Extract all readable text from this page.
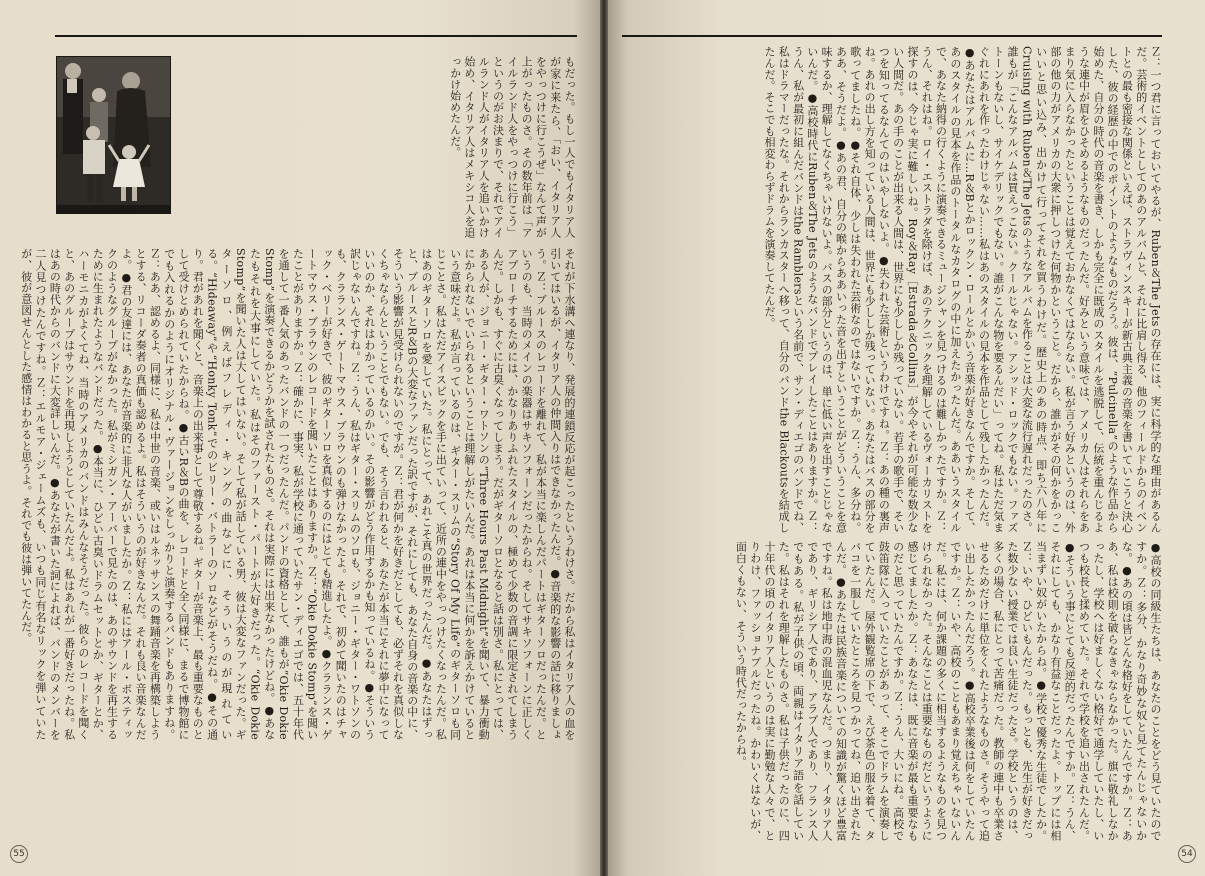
Ｚ：一つ君に言っておいてやるが、Ruben＆The Jetsの存在には、実に科学的な理由があるんだ。芸術的イベントとしてのあのアルバムと、それに比肩し得る、他のフィールドからのイベントとの最も密接な関係といえば、ストラヴィンスキーが新古典主義の音楽を書いていこうと決心した、彼の経歴の中でのポイントのようなものだろう。彼は、“Pulcinella”のような作品から始めた、自分の時代の音楽を書き、しかも完全に既成のスタイルを逃脱して、伝統を重んじるような連中が眉をひそめるようなものだったんだ。好みという意味では、アメリカ人はそれらをあまり気に入らなかったということは覚えておかなくてはならない。私が言う好みというのは、外部の他の力がアメリカの大衆に押しつけた何物かということ。だから、誰かがその何かをかっこいいと思い込み、出かけて行ってそれを買うわけだ。歴史上のあの時点、即ち六八年にCruising with Ruben＆The Jetsのようなアルバムを作ることは大変な流行遅れだったのさ。誰もが「こんなアルバムは買えっこない。クールじゃない。アシッド・ロックでもない。ファズトーンもないし、サイケデリックでもない。誰がこんな物を要るんだい」ってね。私はただ気まぐれにあれを作ったわけじゃない……私はあのスタイルの見本を作品として残したかったんだ。●あなたはアルバムに…R＆Bとかロックン・ロールとかいう音楽が好きなんですか。そして、あのスタイルの見本を作品のトータルなカタログの中に加えたかったんだ。ああいうスタイルで、あなた納得の行くように演奏できるミュージシャンを見つけるのは難しかったですか。Ｚ：うん、それはね。ロイ・エストラダを除けば、あのテクニックを理解しているヴォーカリストを探すのは、今じゃ実に難しいね。Roy＆Ray［Estrada＆Collins］が今やそれが可能な数少ない人間だ。あの手のことが出来る人間は、世界にも少ししか残っていない。若手の歌手で、そいつを知ってるなんてのはいやしないよ。●失われた芸術というわけですね。Ｚ：あの種の裏声ね。あれの出し方を知っている人間は、世界にも少ししか残っていない。あなたはバスの部分を歌ってましたね。●それ自体、少しは失われた芸術なのではないですか。Ｚ：うん、多分ね。ああ、そうだよ。●あの君、自分の喉からああいった音を出すということがどういうことを意味するか、理解してなくちゃいけないよ。バスの部分というのは、単に低い声を出すことじゃないんだ。●高校時代にRuben＆The Jetsのようなバンドでプレイしたことはありますか。Ｚ：うん、私が最初に組んだバンドはthe Ramblersという名前で、サン・ディエゴのバンドでね、私はドラマーだったな。それからランカスターへ移って、自分のバンドthe Blackoutsを結成したんだ。そこでも相変わらずドラムを演奏してたんだ。
●高校の同級生たちは、あなたのことをどう見ていたのですか。Ｚ：多分、かなり奇妙な奴と見てたんじゃないかな。●あの頃は皆どんな格好をしていたんですか。Ｚ：ああ、私は校則を破らなきゃならなかった。旗に敬礼しなかったし、学校へは好ましくない格好で通学していたし、いつも校長と揉めていた。それで学校を追い出されたんだ。●そういう事にとても反逆的だったんですか。Ｚ：うん、それにしても、かなり有益なことだったよ。トップには相当まずい奴がいたからね。●学校で優秀な生徒でしたか。Ｚ：いや、ひどいもんだった。もっとも、先生が好きだった数少ない授業では良い生徒だったさ。学校というのは、多くの場合、私にとって苦痛だった。教師の連中も卒業させるためだけに単位をくれたようなものさ。そうやって追い出したかったんだろう。●高校卒業後は何をしていたんですか。Ｚ：いや、高校のこともあまり覚えちゃいないんだ。私には、何か課題の多くに相当するようなものを見つけられなかった。そんなことは重要なものだというように感じてましたか。Ｚ：あなたは、既に音楽が最も重要なものだと思っていたんですか。Ｚ：うん、大いにね。高校で鼓笛隊に入っていたことがあって、そこでドラムを演奏していたんだ。屋外観覧席の下で、えび茶色の服を着て、タバコを一服していたところを見つかってね、追い出されたんだ。●あなたは民族音楽についての知識が驚くほど豊富ですね。私は地中海の混血児なんだ。つまり、イタリア人であり、ギリシア人であり、アラブ人であり、フランス人でもある。私が子供の頃、両親はイタリア語を話していた。私はそれを理解したものさ。私は子供だったのに、四十年代の頃のイタリア人というのは実に勤勉な人々で、とりわけ、ファッショナブルだったね。かわいくはないが、面白くもない、そういう時代だったからね。
もだった。もし一人でもイタリア人が家に来たら、「おい、イタリア人をやっつけに行こうぜ」なんて声が上がったものさ。その数年前は「アイルランド人をやっつけに行こう」というのがお決まりで、それでアイルランド人がイタリア人を追いかけ始め、イタリア人はメキシコ人を追っかけ始めたんだ。
それが下水溝へ連なり、発展的連鎖反応が起こったというわけさ。だから私はイタリア人の血を引いてはいるが、イタリア人の仲間入りはできなかったんだ。●音楽的な影響の話に移りましょう。Ｚ：ブルースのレコードを離れて、私が本当に楽しんだパートはギターソロだったんだ。というのも、当時のメインの楽器はサキソフォーンだったからね。そしてサキソフォーンに正しくアプローチするためには、かなりありふれたスタイルの、極めて少数の音調に限定されてしまうんだ。しかも、すぐに古臭くなってしまう。だがギターソロとなると話は別さ。私にとっては、ある人が、ジョニー・ギター・ワトソンの“Three Hours Past Midnight”を聞いて、暴力衝動にかられないでいられるということは理解しがたいんだ。あれは本当に何かを訴えかけているという意味だよ。私が言っているのは、ギター・スリムの“Story Of My Life”のギターソロも同じことさ。私はただアイスピックを手に出ていって、近所の連中をやっつけたくなったんだ。私はあのギターソロを愛していた。私にとって、あれこそ真の世界だったんだ。●あなたはずっと、ブルースとR＆Bの大変なファンだった訳ですが、それにしても、あなた自身の音楽の中に、そういう影響が見受けられないのですが。Ｚ：君が何かを好きだとしても、必ずそれを真似しなくちゃならんということでもない。でも、そう言われると、あなたが本当にそれに夢中になっていいのか、それはわかっているのかい。その影響がどう作用するかも知っているね。●そういう訳じゃないんですね。Ｚ：うん、私はギター・スリムのソロも、ジョニー・ギター・ワトソンのも、クラランス・ゲートマウス・ブラウンのも弾けなかったよ。それで、初めて聞いたのはチャック・ベリーが好きで、彼のギターソロを真似するのにはとても精進したよ。●クラランス・ゲートマウス・ブラウンのレコードを聞いたことはありますか。Ｚ：“Okie Dokie Stomp”を聞いたことがありますか。Ｚ：確かに、事実、私が学校に通っていたサン・ディエゴでは、五十年代を通して一番人気のあったバンドの一つだったんだ。パンドの資格として、誰もが“Okie Dokie Stomp”を演奏できるかどうかを試されたものさ。それは実際には出来なかったけどね。●あなたもそれを大事にしていた。私はそのファースト・パートが大好きだった。“Okie Dokie Stomp”を聞いた人は大してはいない。そして私が話している男、彼は大変なファンだった。ギターソロ、例えばフレディ・キングの曲などに、そういうのが現れている。“Hideaway”や“Honky Tonk”でのビリー・バトラーのソロなどがそうだね。●その通り。君があれを聞くと、音楽上の出来事として尊敬するね。ギターが音楽上、最も重要なものとして受けとめられていたからね。●古いR＆Bの曲を、レコードと全く同様に、まるで博物館にでも入れるかのようにオリジナル・ヴァージョンをしっかりと演奏するバンドもありますね。Ｚ：ああ、認めるよ、同様に、私は中世の音楽、或いはルネッサンスの舞踊音楽を再構築しようとする、リコーダ奏者の真価も認めるよ。私はそういうのが好きなんだ。それも良い音楽なんだよ。●君の友達には、あなたが音楽的に非凡な人がいましたか。Ｚ：私にはアール・ボスティックのようなグループがなかった。私がミシガン・アーバーで見たのは、あのサウンドを再生するために生まれたようなバンドだった。●本当に、ひどい古臭いドラムセットとか、ギターとか、ハーモニカがよくてね、当時のアメリカのバンドはみんなそうだった。彼らのレコードを聞くと、あのグループはサウンドを再現しようとしていたんだよ。私はあれが一番好きだったね。私はあの時代からのバンドに大変詳しいんだ。●あなたが書いた詞によれば、バンドのメンバーを二人見つけたんですね。Ｚ：エルモア・ジェームズも、いつも同じ有名なリックを弾いていたが、彼が意図せんとした感情はわかると思うよ。それでも彼は弾いてたんだ。
55	54
